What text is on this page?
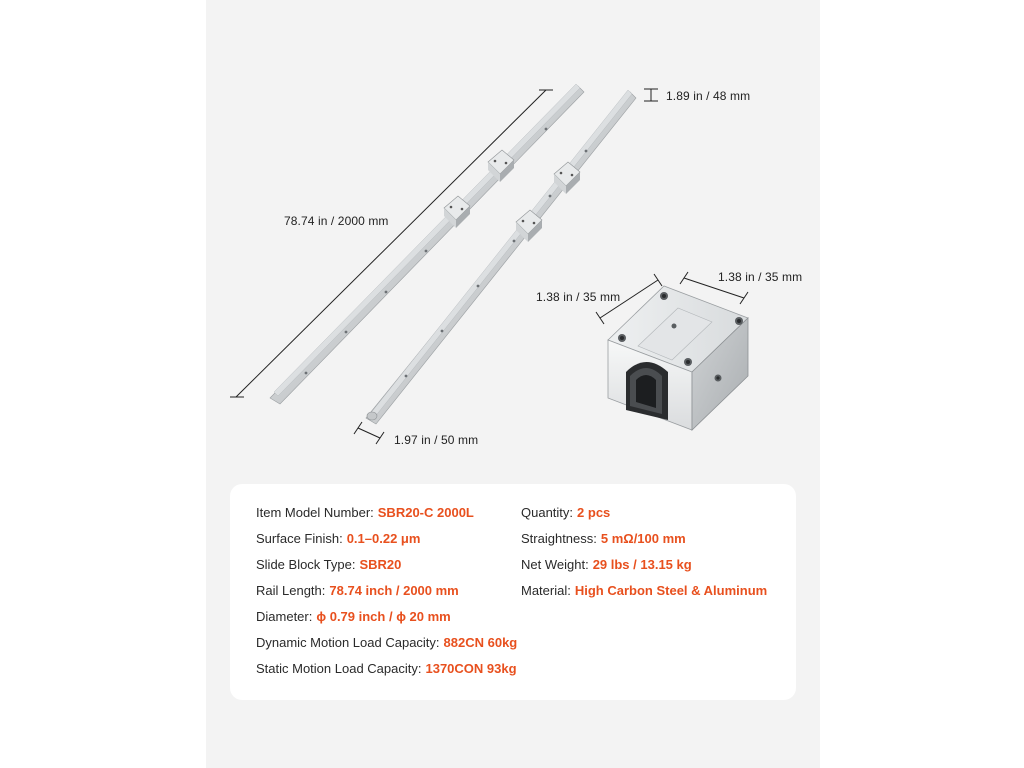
78.74 in / 2000 mm
1.89 in / 48 mm
1.97 in / 50 mm
1.38 in / 35 mm
1.38 in / 35 mm
Item Model Number: SBR20-C 2000L
Surface Finish: 0.1–0.22 μm
Slide Block Type: SBR20
Rail Length: 78.74 inch / 2000 mm
Diameter: ϕ 0.79 inch / ϕ 20 mm
Dynamic Motion Load Capacity: 882CN 60kg
Static Motion Load Capacity: 1370CON 93kg
Quantity: 2 pcs
Straightness: 5 mΩ/100 mm
Net Weight: 29 lbs / 13.15 kg
Material: High Carbon Steel & Aluminum
